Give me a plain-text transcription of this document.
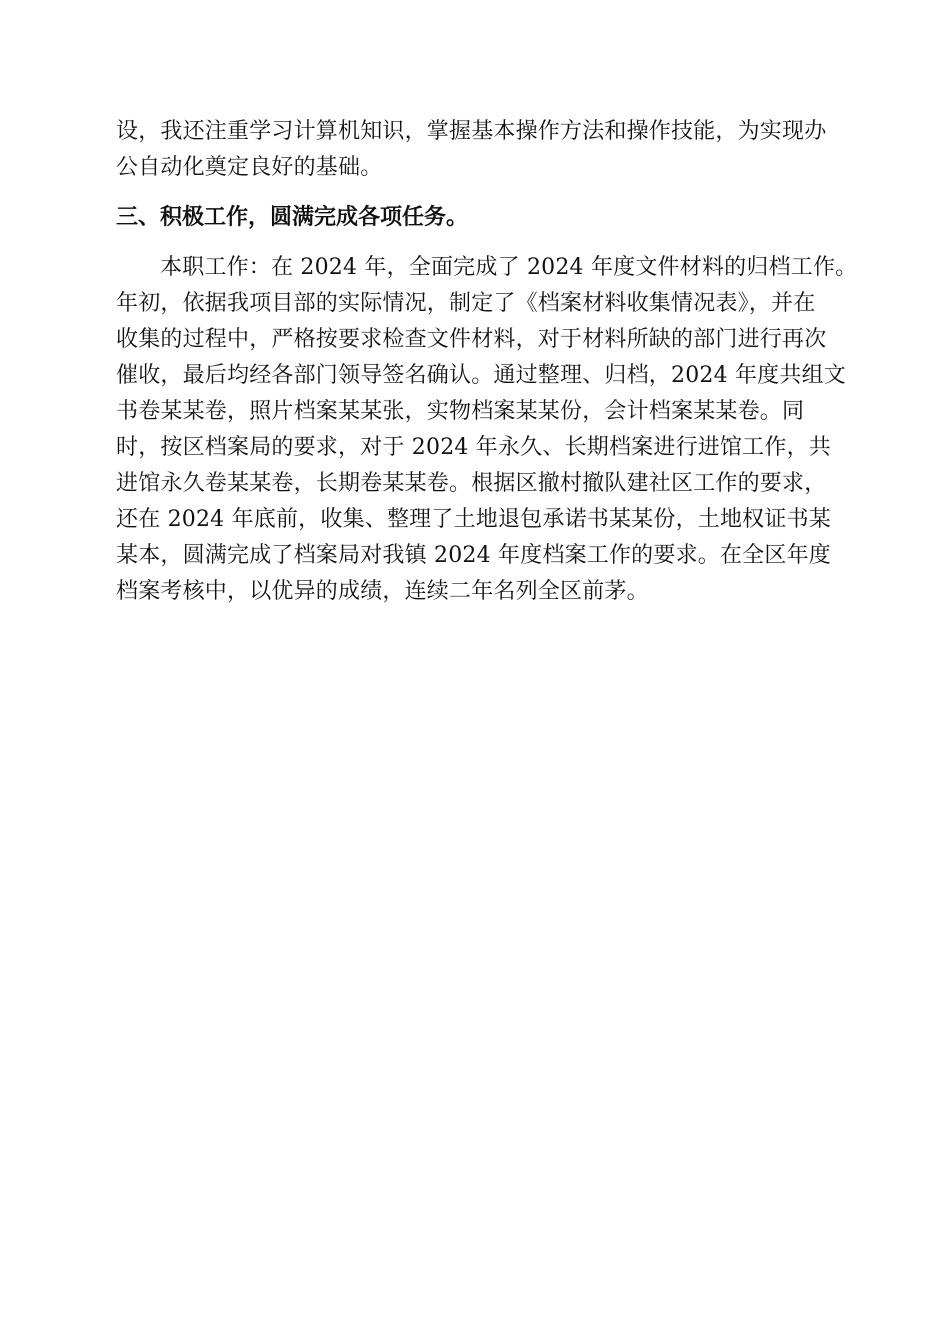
设，我还注重学习计算机知识，掌握基本操作方法和操作技能，为实现办
公自动化奠定良好的基础。
三、积极工作，圆满完成各项任务。
本职工作：在 2024 年，全面完成了 2024 年度文件材料的归档工作。
年初，依据我项目部的实际情况，制定了《档案材料收集情况表》，并在
收集的过程中，严格按要求检查文件材料，对于材料所缺的部门进行再次
催收，最后均经各部门领导签名确认。通过整理、归档，2024 年度共组文
书卷某某卷，照片档案某某张，实物档案某某份，会计档案某某卷。同
时，按区档案局的要求，对于 2024 年永久、长期档案进行进馆工作，共
进馆永久卷某某卷，长期卷某某卷。根据区撤村撤队建社区工作的要求，
还在 2024 年底前，收集、整理了土地退包承诺书某某份，土地权证书某
某本，圆满完成了档案局对我镇 2024 年度档案工作的要求。在全区年度
档案考核中，以优异的成绩，连续二年名列全区前茅。
